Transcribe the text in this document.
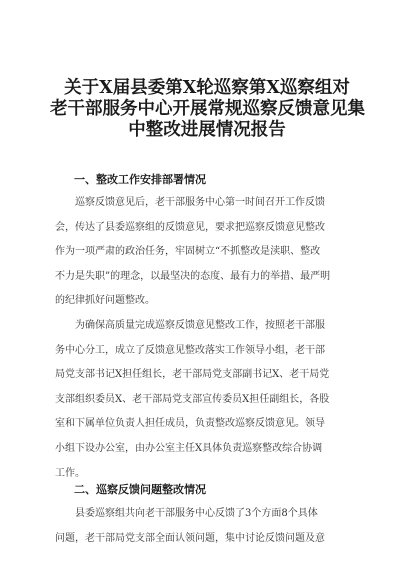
关于X届县委第X轮巡察第X巡察组对
老干部服务中心开展常规巡察反馈意见集
中整改进展情况报告
一、整改工作安排部署情况
巡察反馈意见后，老干部服务中心第一时间召开工作反馈
会，传达了县委巡察组的反馈意见，要求把巡察反馈意见整改
作为一项严肃的政治任务，牢固树立“不抓整改是渎职、整改
不力是失职”的理念，以最坚决的态度、最有力的举措、最严明
的纪律抓好问题整改。
为确保高质量完成巡察反馈意见整改工作，按照老干部服
务中心分工，成立了反馈意见整改落实工作领导小组，老干部
局党支部书记X担任组长，老干部局党支部副书记X、老干局党
支部组织委员X、老干部局党支部宣传委员X担任副组长，各股
室和下属单位负责人担任成员，负责整改巡察反馈意见。领导
小组下设办公室，由办公室主任X具体负责巡察整改综合协调
工作。
二、巡察反馈问题整改情况
县委巡察组共向老干部服务中心反馈了3个方面8个具体
问题，老干部局党支部全面认领问题，集中讨论反馈问题及意
